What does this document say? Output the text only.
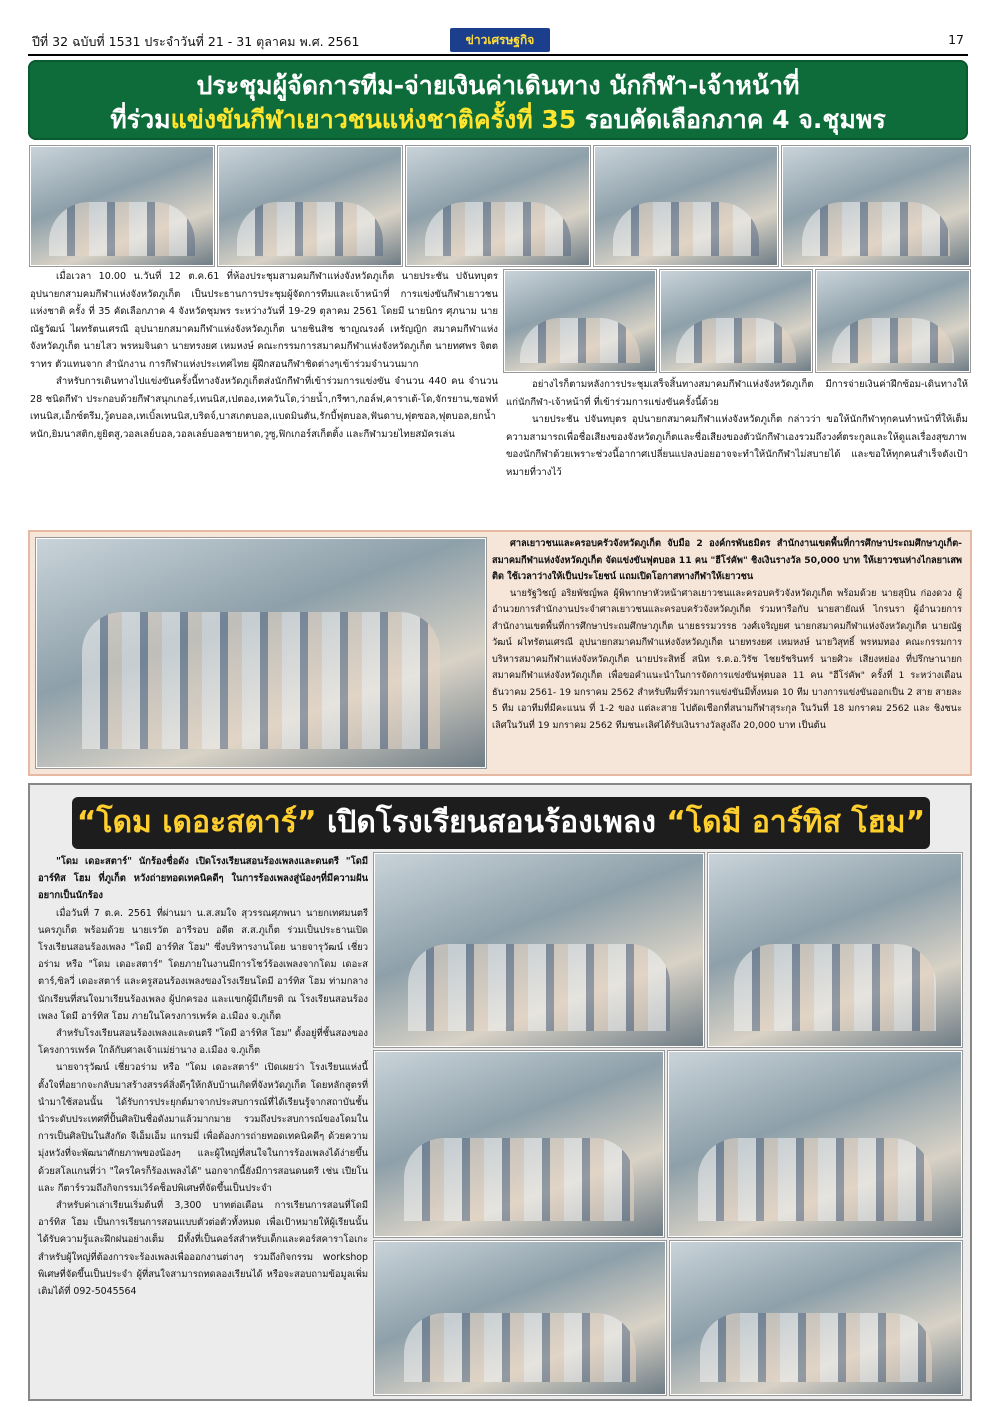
ปีที่ 32 ฉบับที่ 1531 ประจำวันที่ 21 - 31 ตุลาคม พ.ศ. 2561	ข่าวเศรษฐกิจ	17
ประชุมผู้จัดการทีม-จ่ายเงินค่าเดินทาง นักกีฬา-เจ้าหน้าที่
ที่ร่วมแข่งขันกีฬาเยาวชนแห่งชาติครั้งที่ 35 รอบคัดเลือกภาค 4 จ.ชุมพร

เมื่อเวลา 10.00 น.วันที่ 12 ต.ค.61 ที่ห้องประชุมสามคมกีฬาแห่งจังหวัดภูเก็ต นายประชัน ปจันทบุตร อุปนายกสามคมกีฬาแห่งจังหวัดภูเก็ต เป็นประธานการประชุมผู้จัดการทีมและเจ้าหน้าที่ การแข่งขันกีฬาเยาวชนแห่งชาติ ครั้ง ที่ 35 คัดเลือกภาค 4 จังหวัดชุมพร ระหว่างวันที่ 19-29 ตุลาคม 2561 โดยมี นายนิกร ศุภนาม นายณัฐวัฒน์ ไผทรัตนเศรณี อุปนายกสมาคมกีฬาแห่งจังหวัดภูเก็ต นายชินสิช ชาญณรงค์ เหรัญญิก สมาคมกีฬาแห่งจังหวัดภูเก็ต นายไสว พรหมจินดา นายทรงยศ เหมหงษ์ คณะกรรมการสมาคมกีฬาแห่งจังหวัดภูเก็ต นายทศพร จิตตราทร ตัวแทนจาก สำนักงาน การกีฬาแห่งประเทศไทย ผู้ฝึกสอนกีฬาชิดต่างๆเข้าร่วมจำนวนมาก

สำหรับการเดินทางไปแข่งขันครั้งนี้ทางจังหวัดภูเก็ตส่งนักกีฬาที่เข้าร่วมการแข่งขัน จำนวน 440 คน จำนวน 28 ชนิดกีฬา ประกอบด้วยกีฬาสนุกเกอร์,เทนนิส,เปตอง,เทควันโด,ว่ายน้ำ,กรีฑา,กอล์ฟ,คาราเต้-โด,จักรยาน,ซอฟท์เทนนิส,เอ็กซ์ตรีม,วู้ดบอล,เทเบิ้ลเทนนิส,บริดจ์,บาสเกตบอล,แบดมินตัน,รักบี้ฟุตบอล,ฟันดาบ,ฟุตซอล,ฟุตบอล,ยกน้ำหนัก,ยิมนาสติก,ยูยิตสู,วอลเลย์บอล,วอลเลย์บอลชายหาด,วูซู,ฟิกเกอร์สเก็ตติ้ง และกีฬามวยไทยสมัครเล่น

อย่างไรก็ตามหลังการประชุมเสร็จสิ้นทางสมาคมกีฬาแห่งจังหวัดภูเก็ต มีการจ่ายเงินค่าฝึกซ้อม-เดินทางให้แก่นักกีฬา-เจ้าหน้าที่ ที่เข้าร่วมการแข่งขันครั้งนี้ด้วย

นายประชัน ปจันทบุตร อุปนายกสมาคมกีฬาแห่งจังหวัดภูเก็ต กล่าวว่า ขอให้นักกีฬาทุกคนทำหน้าที่ให้เต็มความสามารถเพื่อชื่อเสียงของจังหวัดภูเก็ตและชื่อเสียงของตัวนักกีฬาเองรวมถึงวงศ์ตระกูลและให้ดูแลเรื่องสุขภาพของนักกีฬาด้วยเพราะช่วงนี้อากาศเปลี่ยนแปลงบ่อยอาจจะทำให้นักกีฬาไม่สบายได้ และขอให้ทุกคนสำเร็จดังเป้าหมายที่วางไว้

ศาลเยาวชนและครอบครัวจังหวัดภูเก็ต จับมือ 2 องค์กรพันธมิตร สำนักงานเขตพื้นที่การศึกษาประถมศึกษาภูเก็ต-สมาคมกีฬาแห่งจังหวัดภูเก็ต จัดแข่งขันฟุตบอล 11 คน "ฮีโร่คัพ" ชิงเงินรางวัล 50,000 บาท ให้เยาวชนห่างไกลยาเสพติด ใช้เวลาว่างให้เป็นประโยชน์ แถมเปิดโอกาสทางกีฬาให้เยาวชน

นายรัฐวิชญ์ อริยพัชญ์พล ผู้พิพากษาหัวหน้าศาลเยาวชนและครอบครัวจังหวัดภูเก็ต พร้อมด้วย นายสุบิน ก่องดวง ผู้อำนวยการสำนักงานประจำศาลเยาวชนและครอบครัวจังหวัดภูเก็ต ร่วมหารือกับ นายสายัณห์ ไกรนรา ผู้อำนวยการสำนักงานเขตพื้นที่การศึกษาประถมศึกษาภูเก็ต นายธรรมวรรธ วงศ์เจริญยศ นายกสมาคมกีฬาแห่งจังหวัดภูเก็ต นายณัฐวัฒน์ ผไทรัตนเศรณี อุปนายกสมาคมกีฬาแห่งจังหวัดภูเก็ต นายทรงยศ เหมหงษ์ นายวิสุทธิ์ พรหมทอง คณะกรรมการบริหารสมาคมกีฬาแห่งจังหวัดภูเก็ต นายประสิทธิ์ สนิท ร.ต.อ.วิรัช ไชยรัชรินทร์ นายศิวะ เสียงหย่อง ที่ปรึกษานายกสมาคมกีฬาแห่งจังหวัดภูเก็ต เพื่อขอคำแนะนำในการจัดการแข่งขันฟุตบอล 11 คน "ฮีโร่คัพ" ครั้งที่ 1 ระหว่างเดือนธันวาคม 2561- 19 มกราคม 2562 สำหรับทีมที่ร่วมการแข่งขันมีทั้งหมด 10 ทีม บางการแข่งขันออกเป็น 2 สาย สายละ 5 ทีม เอาทีมที่มีคะแนน ที่ 1-2 ของ แต่ละสาย ไปตัดเชือกที่สนามกีฬาสุระกุล ในวันที่ 18 มกราคม 2562 และ ชิงชนะเลิศในวันที่ 19 มกราคม 2562 ทีมชนะเลิศได้รับเงินรางวัลสูงถึง 20,000 บาท เป็นต้น

“โดม เดอะสตาร์” เปิดโรงเรียนสอนร้องเพลง “โดมี อาร์ทิส โฮม”

"โดม เดอะสตาร์" นักร้องชื่อดัง เปิดโรงเรียนสอนร้องเพลงและดนตรี "โดมี อาร์ทิส โฮม ที่ภูเก็ต หวังถ่ายทอดเทคนิคดีๆ ในการร้องเพลงสู่น้องๆที่มีความฝันอยากเป็นนักร้อง

เมื่อวันที่ 7 ต.ค. 2561 ที่ผ่านมา น.ส.สมใจ สุวรรณศุภพนา นายกเทศมนตรีนครภูเก็ต พร้อมด้วย นายเรวัต อารีรอบ อดีต ส.ส.ภูเก็ต ร่วมเป็นประธานเปิดโรงเรียนสอนร้องเพลง "โดมี อาร์ทิส โฮม" ซึ่งบริหารงานโดย นายจารุวัฒน์ เชี่ยวอร่าม หรือ "โดม เดอะสตาร์" โดยภายในงานมีการโชว์ร้องเพลงจากโดม เดอะสตาร์,ซิลวี่ เดอะสตาร์ และครูสอนร้องเพลงของโรงเรียนโดมี อาร์ทิส โฮม ท่ามกลางนักเรียนที่สนใจมาเรียนร้องเพลง ผู้ปกครอง และแขกผู้มีเกียรติ ณ โรงเรียนสอนร้องเพลง โดมี อาร์ทิส โฮม ภายในโครงการเพร์ค อ.เมือง จ.ภูเก็ต

สำหรับโรงเรียนสอนร้องเพลงและดนตรี "โดมี อาร์ทิส โฮม" ตั้งอยู่ที่ชั้นสองของโครงการเพร์ค ใกล้กับศาลเจ้าแม่ย่านาง อ.เมือง จ.ภูเก็ต

นายจารุวัฒน์ เชี่ยวอร่าม หรือ "โดม เดอะสตาร์" เปิดเผยว่า โรงเรียนแห่งนี้ตั้งใจที่อยากจะกลับมาสร้างสรรค์สิ่งดีๆให้กลับบ้านเกิดที่จังหวัดภูเก็ต โดยหลักสูตรที่นำมาใช้สอนนั้น ได้รับการประยุกต์มาจากประสบการณ์ที่ได้เรียนรู้จากสถาบันชั้นนำระดับประเทศที่ปั้นศิลปินชื่อดังมาแล้วมากมาย รวมถึงประสบการณ์ของโดมในการเป็นศิลปินในสังกัด จีเอ็มเอ็ม แกรมมี่ เพื่อต้องการถ่ายทอดเทคนิคดีๆ ด้วยความมุ่งหวังที่จะพัฒนาศักยภาพของน้องๆ และผู้ใหญ่ที่สนใจในการร้องเพลงได้ง่ายขึ้น ด้วยสโลแกนที่ว่า "ใครใครก็ร้องเพลงได้" นอกจากนี้ยังมีการสอนดนตรี เช่น เปียโน และ กีตาร์รวมถึงกิจกรรมเวิร์คช็อปพิเศษที่จัดขึ้นเป็นประจำ

สำหรับค่าเล่าเรียนเริ่มต้นที่ 3,300 บาทต่อเดือน การเรียนการสอนที่โดมี อาร์ทิส โฮม เป็นการเรียนการสอนแบบตัวต่อตัวทั้งหมด เพื่อเป้าหมายให้ผู้เรียนนั้นได้รับความรู้และฝึกฝนอย่างเต็ม มีทั้งที่เป็นคอร์สสำหรับเด็กและคอร์สคาราโอเกะสำหรับผู้ใหญ่ที่ต้องการจะร้องเพลงเพื่อออกงานต่างๆ รวมถึงกิจกรรม workshop พิเศษที่จัดขึ้นเป็นประจำ ผู้ที่สนใจสามารถทดลองเรียนได้ หรือจะสอบถามข้อมูลเพิ่มเติมได้ที่ 092-5045564
